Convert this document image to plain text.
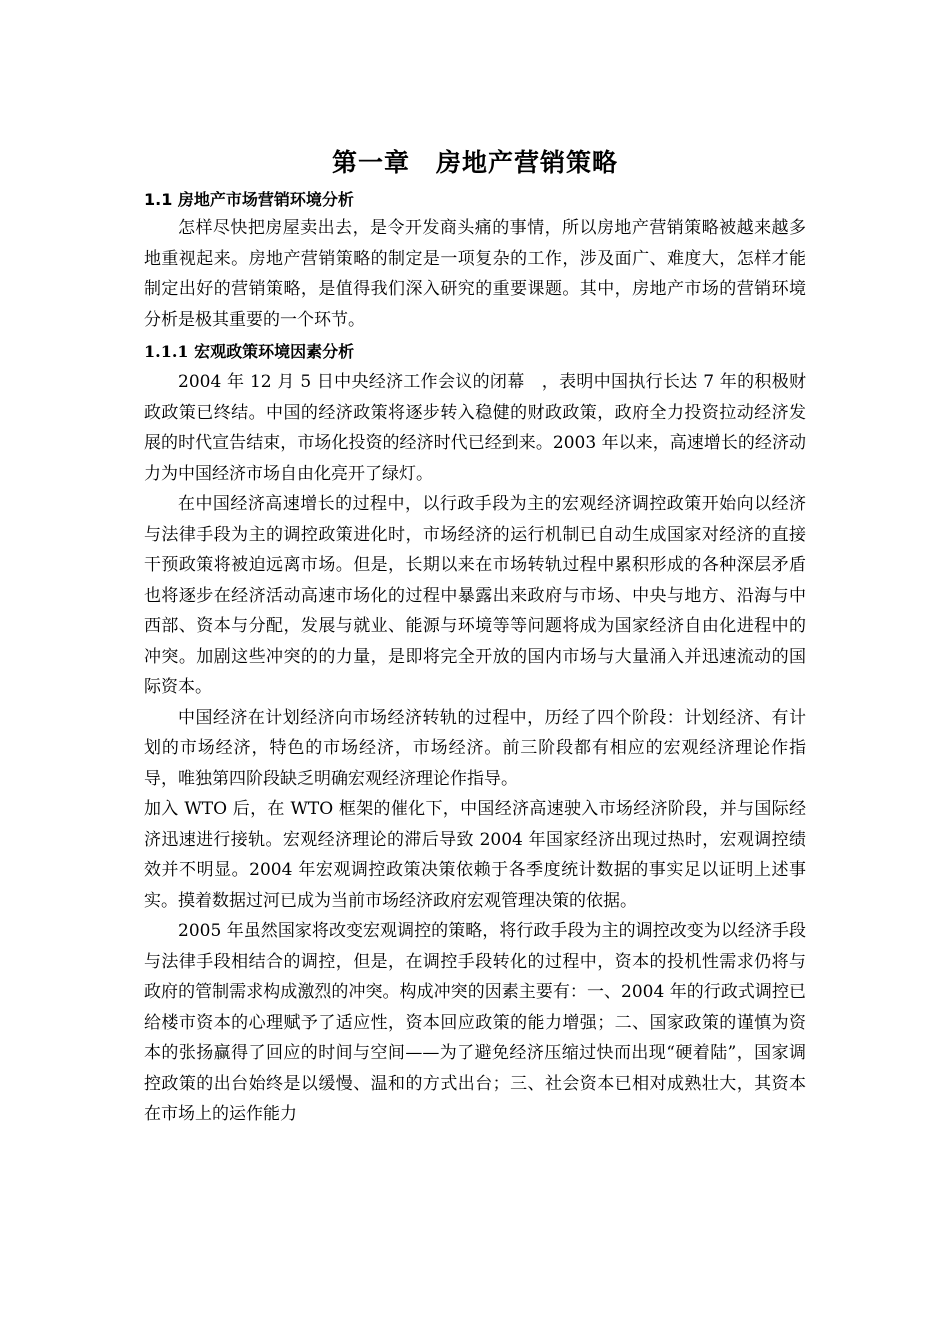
第一章　房地产营销策略
1.1 房地产市场营销环境分析

怎样尽快把房屋卖出去，是令开发商头痛的事情，所以房地产营销策略被越来越多地重视起来。房地产营销策略的制定是一项复杂的工作，涉及面广、难度大，怎样才能制定出好的营销策略，是值得我们深入研究的重要课题。其中，房地产市场的营销环境分析是极其重要的一个环节。

1.1.1 宏观政策环境因素分析

2004 年 12 月 5 日中央经济工作会议的闭幕　，表明中国执行长达 7 年的积极财政政策已终结。中国的经济政策将逐步转入稳健的财政政策，政府全力投资拉动经济发展的时代宣告结束，市场化投资的经济时代已经到来。2003 年以来，高速增长的经济动力为中国经济市场自由化亮开了绿灯。

在中国经济高速增长的过程中，以行政手段为主的宏观经济调控政策开始向以经济与法律手段为主的调控政策进化时，市场经济的运行机制已自动生成国家对经济的直接干预政策将被迫远离市场。但是，长期以来在市场转轨过程中累积形成的各种深层矛盾也将逐步在经济活动高速市场化的过程中暴露出来政府与市场、中央与地方、沿海与中西部、资本与分配，发展与就业、能源与环境等等问题将成为国家经济自由化进程中的冲突。加剧这些冲突的的力量，是即将完全开放的国内市场与大量涌入并迅速流动的国际资本。

中国经济在计划经济向市场经济转轨的过程中，历经了四个阶段：计划经济、有计划的市场经济，特色的市场经济，市场经济。前三阶段都有相应的宏观经济理论作指导，唯独第四阶段缺乏明确宏观经济理论作指导。

加入 WTO 后，在 WTO 框架的催化下，中国经济高速驶入市场经济阶段，并与国际经济迅速进行接轨。宏观经济理论的滞后导致 2004 年国家经济出现过热时，宏观调控绩效并不明显。2004 年宏观调控政策决策依赖于各季度统计数据的事实足以证明上述事实。摸着数据过河已成为当前市场经济政府宏观管理决策的依据。

2005 年虽然国家将改变宏观调控的策略，将行政手段为主的调控改变为以经济手段与法律手段相结合的调控，但是，在调控手段转化的过程中，资本的投机性需求仍将与政府的管制需求构成激烈的冲突。构成冲突的因素主要有：一、2004 年的行政式调控已给楼市资本的心理赋予了适应性，资本回应政策的能力增强；二、国家政策的谨慎为资本的张扬赢得了回应的时间与空间——为了避免经济压缩过快而出现“硬着陆”，国家调控政策的出台始终是以缓慢、温和的方式出台；三、社会资本已相对成熟壮大，其资本在市场上的运作能力
